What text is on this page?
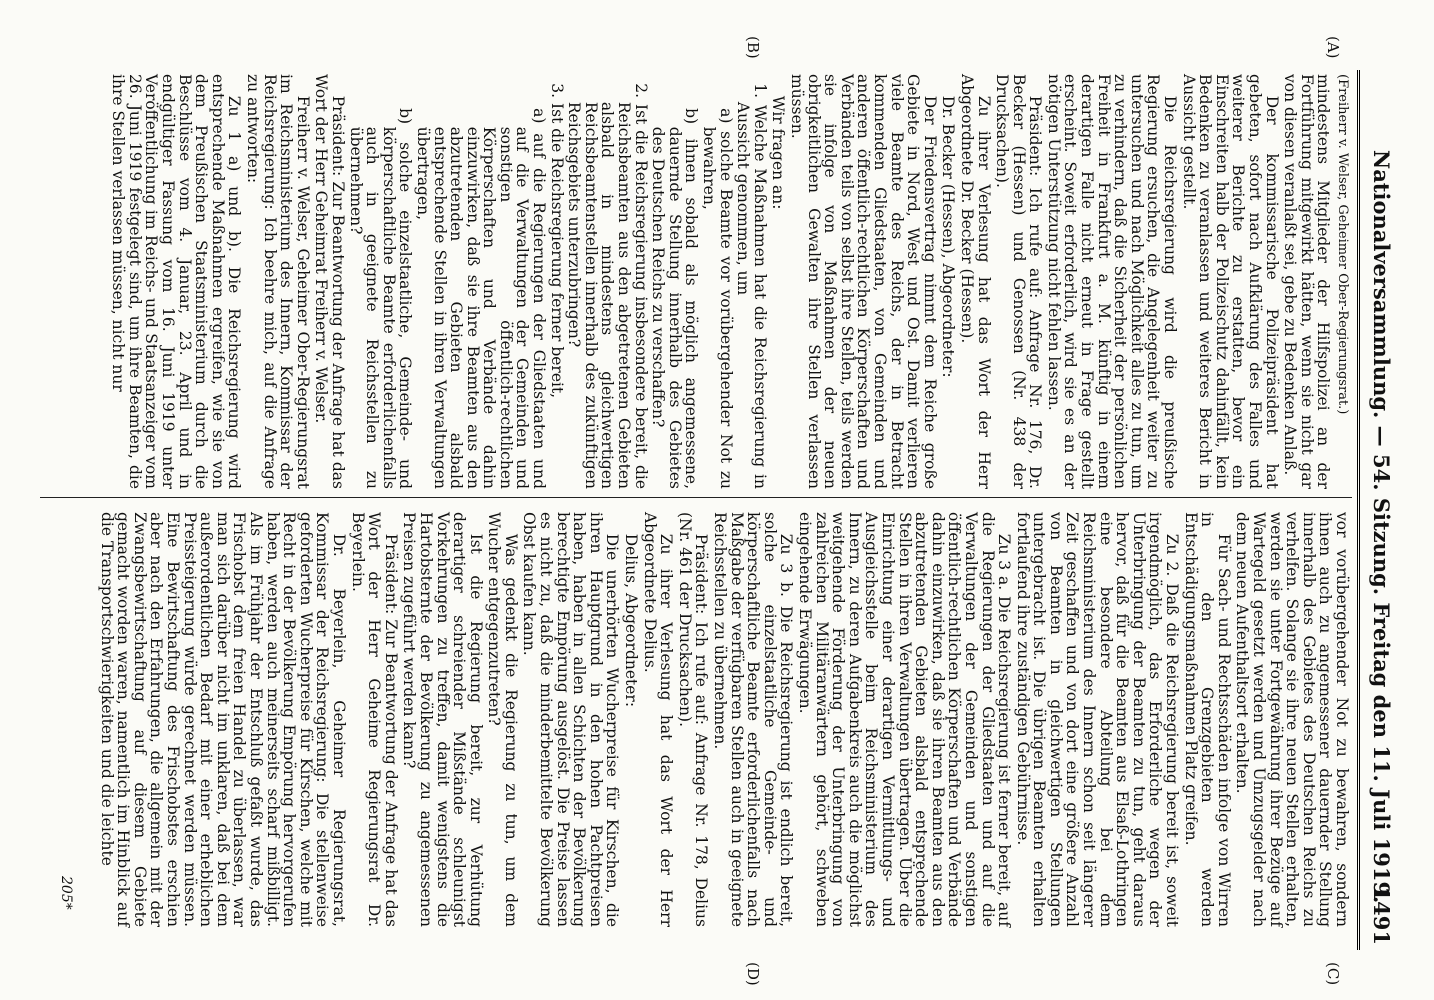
Nationalversammlung. — 54. Sitzung. Freitag den 11. Juli 1919.
1491
(A)
(B)
(C)
(D)

(Freiherr v. Welser, Geheimer Ober-Regierungsrat.)

mindestens Mitglieder der Hilfspolizei an der Fortführung mitgewirkt hätten, wenn sie nicht gar von diesen veranlaßt sei, gebe zu Bedenken Anlaß.

Der kommissarische Polizeipräsident hat gebeten, sofort nach Aufklärung des Falles und weiterer Berichte zu erstatten, bevor ein Einschreiten halb der Polizeischutz dahinfällt, kein Bedenken zu veranlassen und weiteres Bericht in Aussicht gestellt.

Die Reichsregierung wird die preußische Regierung ersuchen, die Angelegenheit weiter zu untersuchen und nach Möglichkeit alles zu tun, um zu verhindern, daß die Sicherheit der persönlichen Freiheit in Frankfurt a. M. künftig in einem derartigen Falle nicht erneut in Frage gestellt erscheint. Soweit erforderlich, wird sie es an der nötigen Unterstützung nicht fehlen lassen.

Präsident: Ich rufe auf: Anfrage Nr. 176, Dr. Becker (Hessen) und Genossen (Nr. 438 der Drucksachen).

Zu ihrer Verlesung hat das Wort der Herr Abgeordnete Dr. Becker (Hessen).

Dr. Becker (Hessen), Abgeordneter:

Der Friedensvertrag nimmt dem Reiche große Gebiete in Nord, West und Ost. Damit verlieren viele Beamte des Reichs, der in Betracht kommenden Gliedstaaten, von Gemeinden und anderen öffentlich-rechtlichen Körperschaften und Verbänden teils von selbst ihre Stellen, teils werden sie infolge von Maßnahmen der neuen obrigkeitlichen Gewalten ihre Stellen verlassen müssen.

Wir fragen an:

1. Welche Maßnahmen hat die Reichsregierung in Aussicht genommen, um

a) solche Beamte vor vorübergehender Not zu bewahren,

b) ihnen sobald als möglich angemessene, dauernde Stellung innerhalb des Gebietes des Deutschen Reichs zu verschaffen?

2. Ist die Reichsregierung insbesondere bereit, die Reichsbeamten aus den abgetretenen Gebieten alsbald in mindestens gleichwertigen Reichsbeamtenstellen innerhalb des zukünftigen Reichsgebiets unterzubringen?

3. Ist die Reichsregierung ferner bereit,

a) auf die Regierungen der Gliedstaaten und auf die Verwaltungen der Gemeinden und sonstigen öffentlich-rechtlichen Körperschaften und Verbände dahin einzuwirken, daß sie ihre Beamten aus den abzutretenden Gebieten alsbald entsprechende Stellen in ihren Verwaltungen übertragen,

b) solche einzelstaatliche, Gemeinde- und körperschaftliche Beamte erforderlichenfalls auch in geeignete Reichsstellen zu übernehmen?

Präsident: Zur Beantwortung der Anfrage hat das Wort der Herr Geheimrat Freiherr v. Welser.

Freiherr v. Welser, Geheimer Ober-Regierungsrat im Reichsministerium des Innern, Kommissar der Reichsregierung: Ich beehre mich, auf die Anfrage zu antworten:

Zu 1 a) und b). Die Reichsregierung wird entsprechende Maßnahmen ergreifen, wie sie von dem Preußischen Staatsministerium durch die Beschlüsse vom 4. Januar, 23. April und in endgültiger Fassung vom 16. Juni 1919 unter Veröffentlichung im Reichs- und Staatsanzeiger vom 26. Juni 1919 festgelegt sind, um ihre Beamten, die ihre Stellen verlassen müssen, nicht nur

vor vorübergehender Not zu bewahren, sondern ihnen auch zu angemessener dauernder Stellung innerhalb des Gebietes des Deutschen Reichs zu verhelfen. Solange sie ihre neuen Stellen erhalten, werden sie unter Fortgewährung ihrer Bezüge auf Wartegeld gesetzt werden und Umzugsgelder nach dem neuen Aufenthaltsort erhalten.

Für Sach- und Rechtsschäden infolge von Wirren in den Grenzgebieten werden Entschädigungsmaßnahmen Platz greifen.

Zu 2. Daß die Reichsregierung bereit ist, soweit irgendmöglich, das Erforderliche wegen der Unterbringung der Beamten zu tun, geht daraus hervor, daß für die Beamten aus Elsaß-Lothringen eine besondere Abteilung bei dem Reichsministerium des Innern schon seit längerer Zeit geschaffen und von dort eine größere Anzahl von Beamten in gleichwertigen Stellungen untergebracht ist. Die übrigen Beamten erhalten fortlaufend ihre zuständigen Gebührnisse.

Zu 3 a. Die Reichsregierung ist ferner bereit, auf die Regierungen der Gliedstaaten und auf die Verwaltungen der Gemeinden und sonstigen öffentlich-rechtlichen Körperschaften und Verbände dahin einzuwirken, daß sie ihren Beamten aus den abzutretenden Gebieten alsbald entsprechende Stellen in ihren Verwaltungen übertragen. Über die Einrichtung einer derartigen Vermittlungs- und Ausgleichsstelle beim Reichsministerium des Innern, zu deren Aufgabenkreis auch die möglichst weitgehende Förderung der Unterbringung von zahlreichen Militäranwärtern gehört, schweben eingehende Erwägungen.

Zu 3 b. Die Reichsregierung ist endlich bereit, solche einzelstaatliche Gemeinde- und körperschaftliche Beamte erforderlichenfalls nach Maßgabe der verfügbaren Stellen auch in geeignete Reichsstellen zu übernehmen.

Präsident: Ich rufe auf: Anfrage Nr. 178, Delius (Nr. 461 der Drucksachen).

Zu ihrer Verlesung hat das Wort der Herr Abgeordnete Delius.

Delius, Abgeordneter:

Die unerhörten Wucherpreise für Kirschen, die ihren Hauptgrund in den hohen Pachtpreisen haben, haben in allen Schichten der Bevölkerung berechtigte Empörung ausgelöst. Die Preise lassen es nicht zu, daß die minderbemittelte Bevölkerung Obst kaufen kann.

Was gedenkt die Regierung zu tun, um dem Wucher entgegenzutreten?

Ist die Regierung bereit, zur Verhütung derartiger schreiender Mißstände schleunigst Vorkehrungen zu treffen, damit wenigstens die Hartobsternte der Bevölkerung zu angemessenen Preisen zugeführt werden kann?

Präsident: Zur Beantwortung der Anfrage hat das Wort der Herr Geheime Regierungsrat Dr. Beyerlein.

Dr. Beyerlein, Geheimer Regierungsrat, Kommissar der Reichsregierung: Die stellenweise geforderten Wucherpreise für Kirschen, welche mit Recht in der Bevölkerung Empörung hervorgerufen haben, werden auch meinerseits scharf mißbilligt. Als im Frühjahr der Entschluß gefaßt wurde, das Frischobst dem freien Handel zu überlassen, war man sich darüber nicht im unklaren, daß bei dem außerordentlichen Bedarf mit einer erheblichen Preissteigerung würde gerechnet werden müssen. Eine Bewirtschaftung des Frischobstes erschien aber nach den Erfahrungen, die allgemein mit der Zwangsbewirtschaftung auf diesem Gebiete gemacht worden waren, namentlich im Hinblick auf die Transportschwierigkeiten und die leichte

205*
